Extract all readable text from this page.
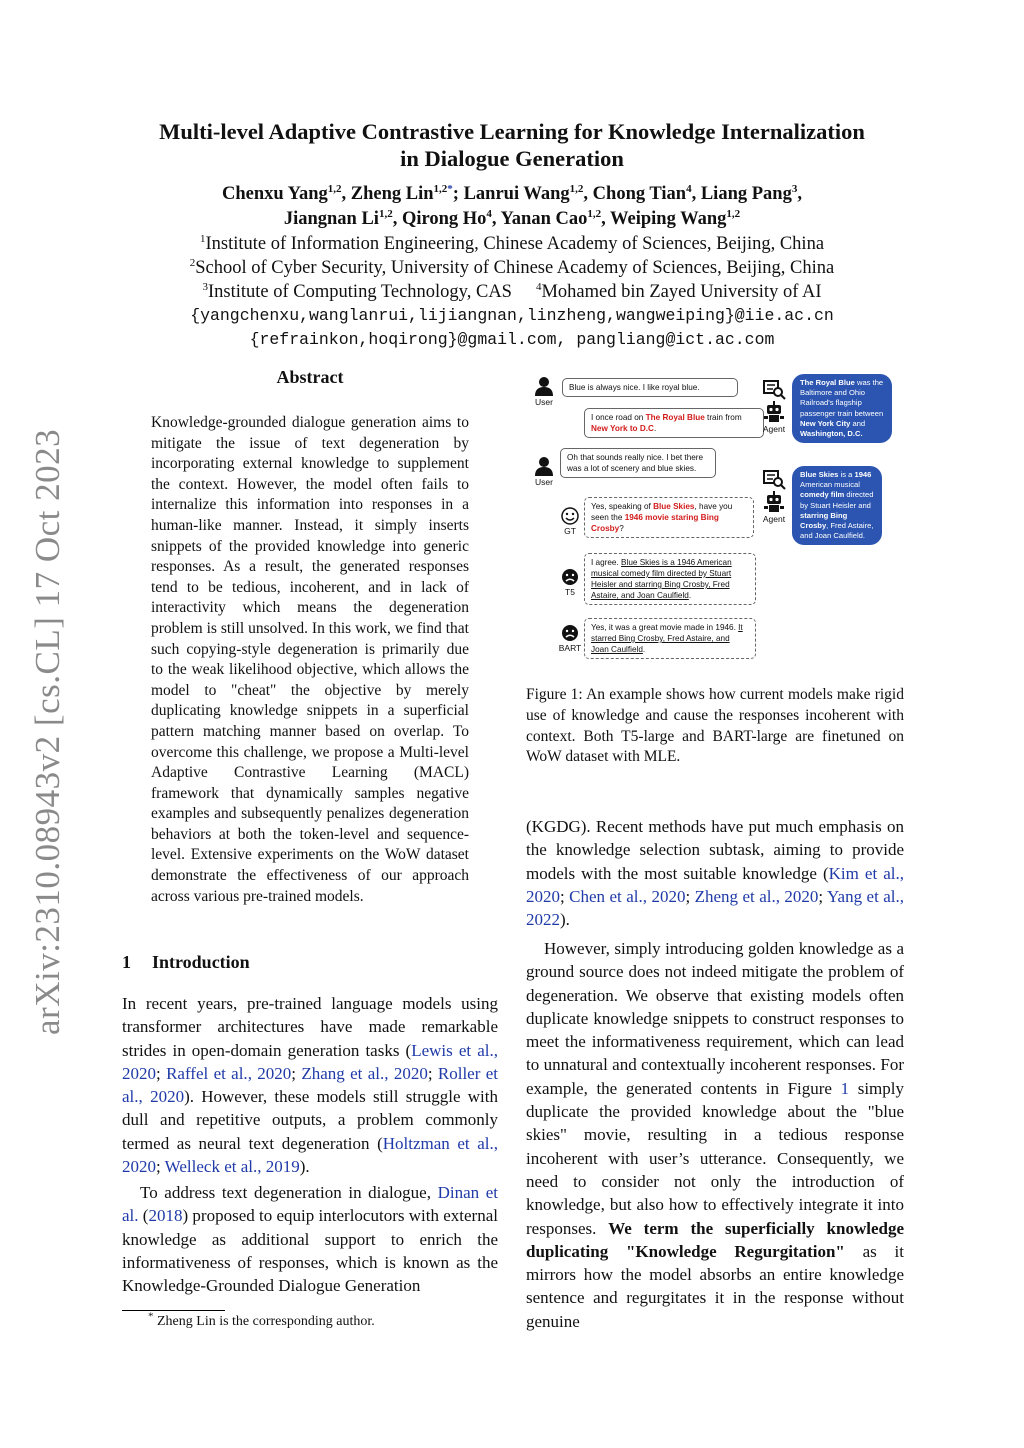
arXiv:2310.08943v2 [cs.CL] 17 Oct 2023
Multi-level Adaptive Contrastive Learning for Knowledge Internalization
in Dialogue Generation
Chenxu Yang$^{1,2}$, Zheng Lin$^{1,2*}$; Lanrui Wang$^{1,2}$, Chong Tian$^4$, Liang Pang$^3$,
Jiangnan Li$^{1,2}$, Qirong Ho$^4$, Yanan Cao$^{1,2}$, Weiping Wang$^{1,2}$
$^1$Institute of Information Engineering, Chinese Academy of Sciences, Beijing, China
$^2$School of Cyber Security, University of Chinese Academy of Sciences, Beijing, China
$^3$Institute of Computing Technology, CAS $^4$Mohamed bin Zayed University of AI
{yangchenxu,wanglanrui,lijiangnan,linzheng,wangweiping}@iie.ac.cn
{refrainkon,hoqirong}@gmail.com, pangliang@ict.ac.com
Abstract
Knowledge-grounded dialogue generation aims to mitigate the issue of text degeneration by incorporating external knowledge to supplement the context. However, the model often fails to internalize this information into responses in a human-like manner. Instead, it simply inserts snippets of the provided knowledge into generic responses. As a result, the generated responses tend to be tedious, incoherent, and in lack of interactivity which means the degeneration problem is still unsolved. In this work, we find that such copying-style degeneration is primarily due to the weak likelihood objective, which allows the model to "cheat" the objective by merely duplicating knowledge snippets in a superficial pattern matching manner based on overlap. To overcome this challenge, we propose a Multi-level Adaptive Contrastive Learning (MACL) framework that dynamically samples negative examples and subsequently penalizes degeneration behaviors at both the token-level and sequence-level. Extensive experiments on the WoW dataset demonstrate the effectiveness of our approach across various pre-trained models.
1 Introduction
In recent years, pre-trained language models using transformer architectures have made remarkable strides in open-domain generation tasks (Lewis et al., 2020; Raffel et al., 2020; Zhang et al., 2020; Roller et al., 2020). However, these models still struggle with dull and repetitive outputs, a problem commonly termed as neural text degeneration (Holtzman et al., 2020; Welleck et al., 2019).
To address text degeneration in dialogue, Dinan et al. (2018) proposed to equip interlocutors with external knowledge as additional support to enrich the informativeness of responses, which is known as the Knowledge-Grounded Dialogue Generation
* Zheng Lin is the corresponding author.
User
Blue is always nice. I like royal blue.
I once road on The Royal Blue train from New York to D.C.	Agent
The Royal Blue was the Baltimore and Ohio Railroad's flagship passenger train between New York City and Washington, D.C.
User
Oh that sounds really nice. I bet there was a lot of scenery and blue skies.
GT
Yes, speaking of Blue Skies, have you seen the 1946 movie staring Bing Crosby?
Agent
Blue Skies is a 1946 American musical comedy film directed by Stuart Heisler and starring Bing Crosby, Fred Astaire, and Joan Caulfield.
T5
I agree. Blue Skies is a 1946 American musical comedy film directed by Stuart Heisler and starring Bing Crosby, Fred Astaire, and Joan Caulfield.
BART
Yes, it was a great movie made in 1946. It starred Bing Crosby, Fred Astaire, and Joan Caulfield.
Figure 1: An example shows how current models make rigid use of knowledge and cause the responses incoherent with context. Both T5-large and BART-large are finetuned on WoW dataset with MLE.
(KGDG). Recent methods have put much emphasis on the knowledge selection subtask, aiming to provide models with the most suitable knowledge (Kim et al., 2020; Chen et al., 2020; Zheng et al., 2020; Yang et al., 2022).
However, simply introducing golden knowledge as a ground source does not indeed mitigate the problem of degeneration. We observe that existing models often duplicate knowledge snippets to construct responses to meet the informativeness requirement, which can lead to unnatural and contextually incoherent responses. For example, the generated contents in Figure 1 simply duplicate the provided knowledge about the "blue skies" movie, resulting in a tedious response incoherent with user’s utterance. Consequently, we need to consider not only the introduction of knowledge, but also how to effectively integrate it into responses. We term the superficially knowledge duplicating "Knowledge Regurgitation" as it mirrors how the model absorbs an entire knowledge sentence and regurgitates it in the response without genuine
